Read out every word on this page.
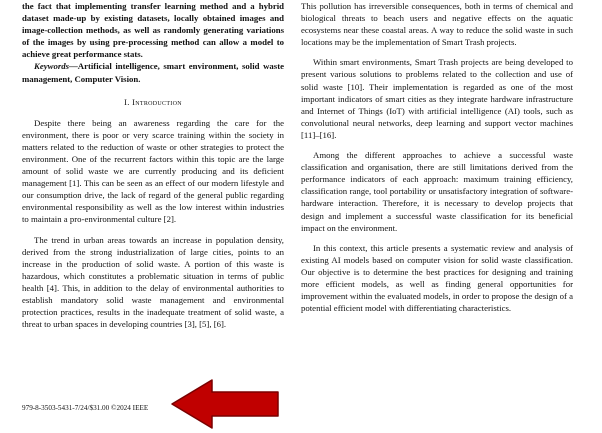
the fact that implementing transfer learning method and a hybrid dataset made-up by existing datasets, locally obtained images and image-collection methods, as well as randomly generating variations of the images by using pre-processing method can allow a model to achieve great performance stats.

Keywords—Artificial intelligence, smart environment, solid waste management, Computer Vision.

I. Introduction

Despite there being an awareness regarding the care for the environment, there is poor or very scarce training within the society in matters related to the reduction of waste or other strategies to protect the environment. One of the recurrent factors within this topic are the large amount of solid waste we are currently producing and its deficient management [1]. This can be seen as an effect of our modern lifestyle and our consumption drive, the lack of regard of the general public regarding environmental responsibility as well as the low interest within industries to maintain a pro-environmental culture [2].

The trend in urban areas towards an increase in population density, derived from the strong industrialization of large cities, points to an increase in the production of solid waste. A portion of this waste is hazardous, which constitutes a problematic situation in terms of public health [4]. This, in addition to the delay of environmental authorities to establish mandatory solid waste management and environmental protection practices, results in the inadequate treatment of solid waste, a threat to urban spaces in developing countries [3], [5], [6].

This pollution has irreversible consequences, both in terms of chemical and biological threats to beach users and negative effects on the aquatic ecosystems near these coastal areas. A way to reduce the solid waste in such locations may be the implementation of Smart Trash projects.

Within smart environments, Smart Trash projects are being developed to present various solutions to problems related to the collection and use of solid waste [10]. Their implementation is regarded as one of the most important indicators of smart cities as they integrate hardware infrastructure and Internet of Things (IoT) with artificial intelligence (AI) tools, such as convolutional neural networks, deep learning and support vector machines [11]–[16].

Among the different approaches to achieve a successful waste classification and organisation, there are still limitations derived from the performance indicators of each approach: maximum training efficiency, classification range, tool portability or unsatisfactory integration of software-hardware interaction. Therefore, it is necessary to develop projects that design and implement a successful waste classification for its beneficial impact on the environment.

In this context, this article presents a systematic review and analysis of existing AI models based on computer vision for solid waste classification. Our objective is to determine the best practices for designing and training more efficient models, as well as finding general opportunities for improvement within the evaluated models, in order to propose the design of a potential efficient model with differentiating characteristics.

979-8-3503-5431-7/24/$31.00 ©2024 IEEE
